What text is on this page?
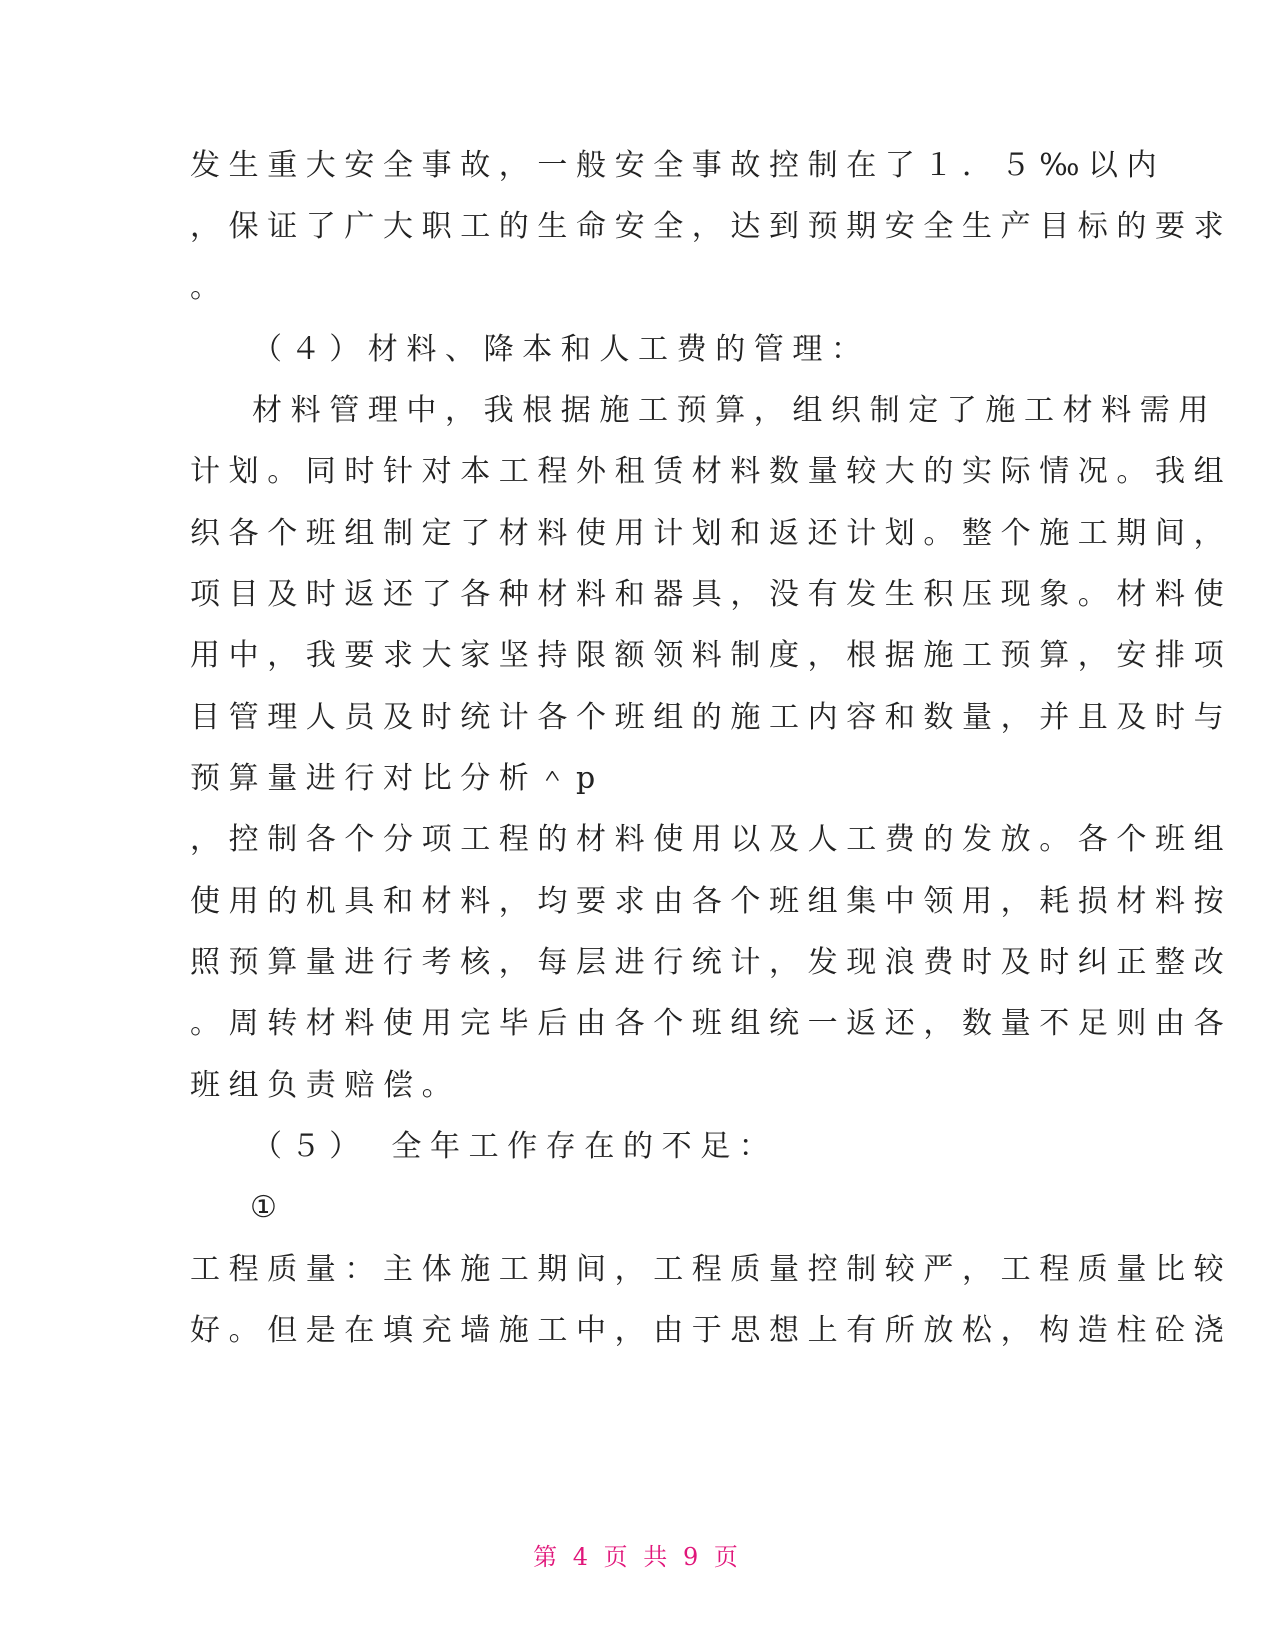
发生重大安全事故，一般安全事故控制在了１．５‰以内
，保证了广大职工的生命安全，达到预期安全生产目标的要求
。
（４）材料、降本和人工费的管理：
材料管理中，我根据施工预算，组织制定了施工材料需用
计划。同时针对本工程外租赁材料数量较大的实际情况。我组
织各个班组制定了材料使用计划和返还计划。整个施工期间，
项目及时返还了各种材料和器具，没有发生积压现象。材料使
用中，我要求大家坚持限额领料制度，根据施工预算，安排项
目管理人员及时统计各个班组的施工内容和数量，并且及时与
预算量进行对比分析＾p
，控制各个分项工程的材料使用以及人工费的发放。各个班组
使用的机具和材料，均要求由各个班组集中领用，耗损材料按
照预算量进行考核，每层进行统计，发现浪费时及时纠正整改
。周转材料使用完毕后由各个班组统一返还，数量不足则由各
班组负责赔偿。
（５）　全年工作存在的不足：
①
工程质量：主体施工期间，工程质量控制较严，工程质量比较
好。但是在填充墙施工中，由于思想上有所放松，构造柱砼浇
第 4 页 共 9 页
